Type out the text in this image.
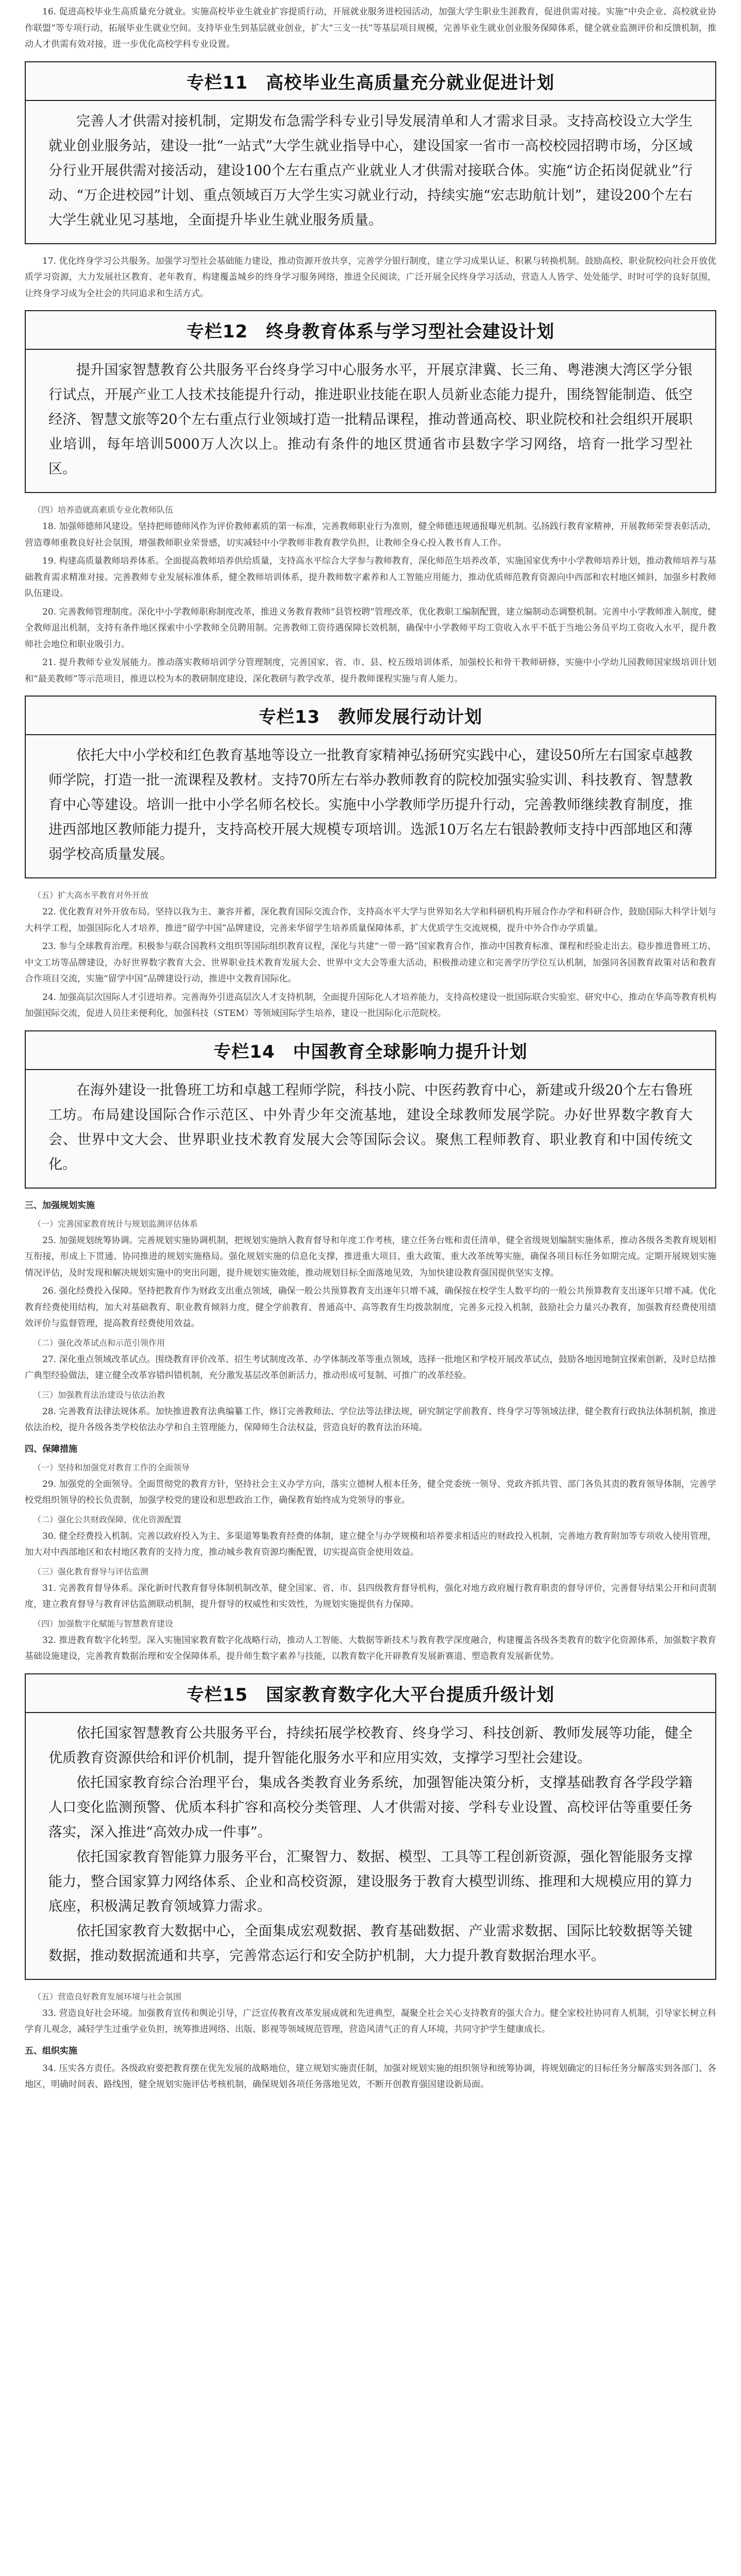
16. 促进高校毕业生高质量充分就业。实施高校毕业生就业扩容提质行动，开展就业服务进校园活动，加强大学生职业生涯教育，促进供需对接。实施“中央企业、高校就业协作联盟”等专项行动，拓展毕业生就业空间。支持毕业生到基层就业创业，扩大“三支一扶”等基层项目规模，完善毕业生就业创业服务保障体系，健全就业监测评价和反馈机制，推动人才供需有效对接，进一步优化高校学科专业设置。

专栏11　高校毕业生高质量充分就业促进计划

完善人才供需对接机制，定期发布急需学科专业引导发展清单和人才需求目录。支持高校设立大学生就业创业服务站，建设一批“一站式”大学生就业指导中心，建设国家一省市一高校校园招聘市场，分区域分行业开展供需对接活动，建设100个左右重点产业就业人才供需对接联合体。实施“访企拓岗促就业”行动、“万企进校园”计划、重点领域百万大学生实习就业行动，持续实施“宏志助航计划”，建设200个左右大学生就业见习基地，全面提升毕业生就业服务质量。

17. 优化终身学习公共服务。加强学习型社会基础能力建设，推动资源开放共享，完善学分银行制度，建立学习成果认证、积累与转换机制。鼓励高校、职业院校向社会开放优质学习资源，大力发展社区教育、老年教育，构建覆盖城乡的终身学习服务网络，推进全民阅读，广泛开展全民终身学习活动，营造人人皆学、处处能学、时时可学的良好氛围，让终身学习成为全社会的共同追求和生活方式。

专栏12　终身教育体系与学习型社会建设计划

提升国家智慧教育公共服务平台终身学习中心服务水平，开展京津冀、长三角、粤港澳大湾区学分银行试点，开展产业工人技术技能提升行动，推进职业技能在职人员新业态能力提升，围绕智能制造、低空经济、智慧文旅等20个左右重点行业领域打造一批精品课程，推动普通高校、职业院校和社会组织开展职业培训，每年培训5000万人次以上。推动有条件的地区贯通省市县数字学习网络，培育一批学习型社区。

（四）培养造就高素质专业化教师队伍

18. 加强师德师风建设。坚持把师德师风作为评价教师素质的第一标准，完善教师职业行为准则，健全师德违规通报曝光机制。弘扬践行教育家精神，开展教师荣誉表彰活动，营造尊师重教良好社会氛围，增强教师职业荣誉感，切实减轻中小学教师非教育教学负担，让教师全身心投入教书育人工作。

19. 构建高质量教师培养体系。全面提高教师培养供给质量，支持高水平综合大学参与教师教育，深化师范生培养改革，实施国家优秀中小学教师培养计划，推动教师培养与基础教育需求精准对接。完善教师专业发展标准体系，健全教师培训体系，提升教师数字素养和人工智能应用能力，推动优质师范教育资源向中西部和农村地区倾斜，加强乡村教师队伍建设。

20. 完善教师管理制度。深化中小学教师职称制度改革，推进义务教育教师“县管校聘”管理改革，优化教职工编制配置，建立编制动态调整机制。完善中小学教师准入制度，健全教师退出机制，支持有条件地区探索中小学教师全员聘用制。完善教师工资待遇保障长效机制，确保中小学教师平均工资收入水平不低于当地公务员平均工资收入水平，提升教师社会地位和职业吸引力。

21. 提升教师专业发展能力。推动落实教师培训学分管理制度，完善国家、省、市、县、校五级培训体系，加强校长和骨干教师研修，实施中小学幼儿园教师国家级培训计划和“最美教师”等示范项目，推进以校为本的教研制度建设，深化教研与教学改革，提升教师课程实施与育人能力。

专栏13　教师发展行动计划

依托大中小学校和红色教育基地等设立一批教育家精神弘扬研究实践中心，建设50所左右国家卓越教师学院，打造一批一流课程及教材。支持70所左右举办教师教育的院校加强实验实训、科技教育、智慧教育中心等建设。培训一批中小学名师名校长。实施中小学教师学历提升行动，完善教师继续教育制度，推进西部地区教师能力提升，支持高校开展大规模专项培训。选派10万名左右银龄教师支持中西部地区和薄弱学校高质量发展。

（五）扩大高水平教育对外开放

22. 优化教育对外开放布局。坚持以我为主、兼容并蓄，深化教育国际交流合作，支持高水平大学与世界知名大学和科研机构开展合作办学和科研合作，鼓励国际大科学计划与大科学工程，加强国际化人才培养，推进“留学中国”品牌建设，完善来华留学生培养质量保障体系，扩大优质学生交流规模，提升中外合作办学质量。

23. 参与全球教育治理。积极参与联合国教科文组织等国际组织教育议程，深化与共建“一带一路”国家教育合作，推动中国教育标准、课程和经验走出去。稳步推进鲁班工坊、中文工坊等品牌建设，办好世界数字教育大会、世界职业技术教育发展大会、世界中文大会等重大活动，积极推动建立和完善学历学位互认机制，加强同各国教育政策对话和教育合作项目交流，实施“留学中国”品牌建设行动，推进中文教育国际化。

24. 加强高层次国际人才引进培养。完善海外引进高层次人才支持机制，全面提升国际化人才培养能力，支持高校建设一批国际联合实验室、研究中心，推动在华高等教育机构加强国际交流，促进人员往来便利化，加强科技（STEM）等领域国际学生培养，建设一批国际化示范院校。

专栏14　中国教育全球影响力提升计划

在海外建设一批鲁班工坊和卓越工程师学院，科技小院、中医药教育中心，新建或升级20个左右鲁班工坊。布局建设国际合作示范区、中外青少年交流基地，建设全球教师发展学院。办好世界数字教育大会、世界中文大会、世界职业技术教育发展大会等国际会议。聚焦工程师教育、职业教育和中国传统文化。

三、加强规划实施
（一）完善国家教育统计与规划监测评估体系

25. 加强规划统筹协调。完善规划实施协调机制，把规划实施纳入教育督导和年度工作考核，建立任务台账和责任清单，健全省级规划编制实施体系，推动各级各类教育规划相互衔接，形成上下贯通、协同推进的规划实施格局。强化规划实施的信息化支撑，推进重大项目、重大政策、重大改革统筹实施，确保各项目标任务如期完成。定期开展规划实施情况评估，及时发现和解决规划实施中的突出问题，提升规划实施效能，推动规划目标全面落地见效，为加快建设教育强国提供坚实支撑。

26. 强化经费投入保障。坚持把教育作为财政支出重点领域，确保一般公共预算教育支出逐年只增不减，确保按在校学生人数平均的一般公共预算教育支出逐年只增不减。优化教育经费使用结构，加大对基础教育、职业教育倾斜力度，健全学前教育、普通高中、高等教育生均拨款制度，完善多元投入机制，鼓励社会力量兴办教育，加强教育经费使用绩效评价与监督管理，提高教育经费使用效益。

（二）强化改革试点和示范引领作用

27. 深化重点领域改革试点。围绕教育评价改革、招生考试制度改革、办学体制改革等重点领域，选择一批地区和学校开展改革试点，鼓励各地因地制宜探索创新，及时总结推广典型经验做法，建立健全改革容错纠错机制，充分激发基层改革创新活力，推动形成可复制、可推广的改革经验。

（三）加强教育法治建设与依法治教

28. 完善教育法律法规体系。加快推进教育法典编纂工作，修订完善教师法、学位法等法律法规，研究制定学前教育、终身学习等领域法律，健全教育行政执法体制机制，推进依法治校，提升各级各类学校依法办学和自主管理能力，保障师生合法权益，营造良好的教育法治环境。

四、保障措施
（一）坚持和加强党对教育工作的全面领导

29. 加强党的全面领导。全面贯彻党的教育方针，坚持社会主义办学方向，落实立德树人根本任务，健全党委统一领导、党政齐抓共管、部门各负其责的教育领导体制，完善学校党组织领导的校长负责制，加强学校党的建设和思想政治工作，确保教育始终成为党领导的事业。

（二）强化公共财政保障，优化资源配置

30. 健全经费投入机制。完善以政府投入为主、多渠道筹集教育经费的体制，建立健全与办学规模和培养要求相适应的财政投入机制，完善地方教育附加等专项收入使用管理，加大对中西部地区和农村地区教育的支持力度，推动城乡教育资源均衡配置，切实提高资金使用效益。

（三）强化教育督导与评估监测

31. 完善教育督导体系。深化新时代教育督导体制机制改革，健全国家、省、市、县四级教育督导机构，强化对地方政府履行教育职责的督导评价，完善督导结果公开和问责制度，建立教育督导与教育评估监测联动机制，提升督导的权威性和实效性，为规划实施提供有力保障。

（四）加强数字化赋能与智慧教育建设

32. 推进教育数字化转型。深入实施国家教育数字化战略行动，推动人工智能、大数据等新技术与教育教学深度融合，构建覆盖各级各类教育的数字化资源体系，加强数字教育基础设施建设，完善教育数据治理和安全保障体系，提升师生数字素养与技能，以教育数字化开辟教育发展新赛道、塑造教育发展新优势。

专栏15　国家教育数字化大平台提质升级计划

依托国家智慧教育公共服务平台，持续拓展学校教育、终身学习、科技创新、教师发展等功能，健全优质教育资源供给和评价机制，提升智能化服务水平和应用实效，支撑学习型社会建设。

依托国家教育综合治理平台，集成各类教育业务系统，加强智能决策分析，支撑基础教育各学段学籍人口变化监测预警、优质本科扩容和高校分类管理、人才供需对接、学科专业设置、高校评估等重要任务落实，深入推进“高效办成一件事”。

依托国家教育智能算力服务平台，汇聚智力、数据、模型、工具等工程创新资源，强化智能服务支撑能力，整合国家算力网络体系、企业和高校资源，建设服务于教育大模型训练、推理和大规模应用的算力底座，积极满足教育领域算力需求。

依托国家教育大数据中心，全面集成宏观数据、教育基础数据、产业需求数据、国际比较数据等关键数据，推动数据流通和共享，完善常态运行和安全防护机制，大力提升教育数据治理水平。

（五）营造良好教育发展环境与社会氛围

33. 营造良好社会环境。加强教育宣传和舆论引导，广泛宣传教育改革发展成就和先进典型，凝聚全社会关心支持教育的强大合力。健全家校社协同育人机制，引导家长树立科学育儿观念，减轻学生过重学业负担，统筹推进网络、出版、影视等领域规范管理，营造风清气正的育人环境，共同守护学生健康成长。

五、组织实施

34. 压实各方责任。各级政府要把教育摆在优先发展的战略地位，建立规划实施责任制，加强对规划实施的组织领导和统筹协调，将规划确定的目标任务分解落实到各部门、各地区，明确时间表、路线图，健全规划实施评估考核机制，确保规划各项任务落地见效，不断开创教育强国建设新局面。
